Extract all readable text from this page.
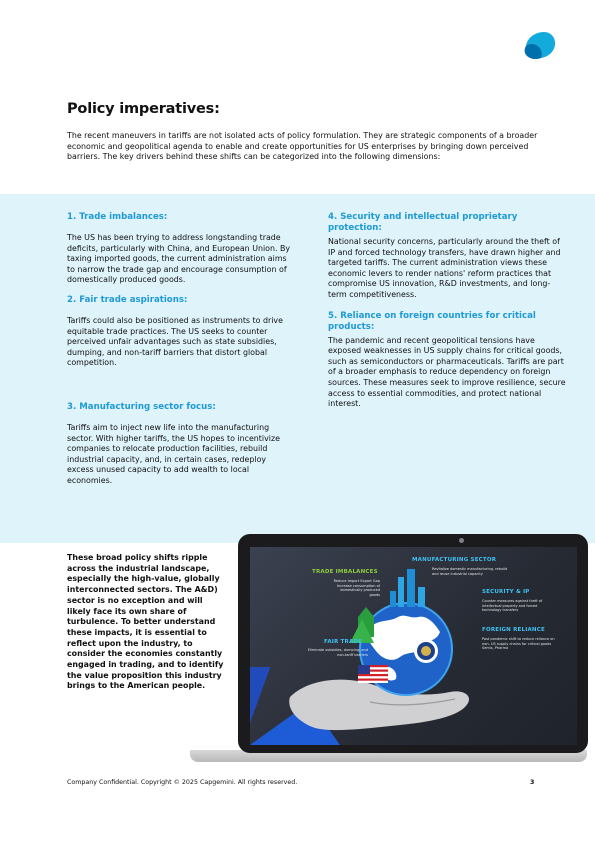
Policy imperatives:

The recent maneuvers in tariffs are not isolated acts of policy formulation. They are strategic components of a broader economic and geopolitical agenda to enable and create opportunities for US enterprises by bringing down perceived barriers. The key drivers behind these shifts can be categorized into the following dimensions:

1. Trade imbalances:

The US has been trying to address longstanding trade deficits, particularly with China, and European Union. By taxing imported goods, the current administration aims to narrow the trade gap and encourage consumption of domestically produced goods.

2. Fair trade aspirations:

Tariffs could also be positioned as instruments to drive equitable trade practices. The US seeks to counter perceived unfair advantages such as state subsidies, dumping, and non-tariff barriers that distort global competition.

3. Manufacturing sector focus:

Tariffs aim to inject new life into the manufacturing sector. With higher tariffs, the US hopes to incentivize companies to relocate production facilities, rebuild industrial capacity, and, in certain cases, redeploy excess unused capacity to add wealth to local economies.

4. Security and intellectual proprietary protection:

National security concerns, particularly around the theft of IP and forced technology transfers, have drawn higher and targeted tariffs. The current administration views these economic levers to render nations' reform practices that compromise US innovation, R&D investments, and long-term competitiveness.

5. Reliance on foreign countries for critical products:

The pandemic and recent geopolitical tensions have exposed weaknesses in US supply chains for critical goods, such as semiconductors or pharmaceuticals. Tariffs are part of a broader emphasis to reduce dependency on foreign sources. These measures seek to improve resilience, secure access to essential commodities, and protect national interest.

These broad policy shifts ripple across the industrial landscape, especially the high-value, globally interconnected sectors. The A&D) sector is no exception and will likely face its own share of turbulence. To better understand these impacts, it is essential to reflect upon the industry, to consider the economies constantly engaged in trading, and to identify the value proposition this industry brings to the American people.

TRADE IMBALANCES
Reduce Import Export Gap Increase consumption of domestically produced goods
MANUFACTURING SECTOR
Revitalize domestic manufacturing, rebuild and reuse industrial capacity
SECURITY & IP
Counter measures against theft of intellectual property and forced technology transfers
FAIR TRADE
Eliminate subsidies, dumping, and non-tariff barriers
FOREIGN RELIANCE
Post pandemic shift to reduce reliance on non- US supply chains for critical goods Semis, Pharma
Company Confidential. Copyright © 2025 Capgemini. All rights reserved.	3
